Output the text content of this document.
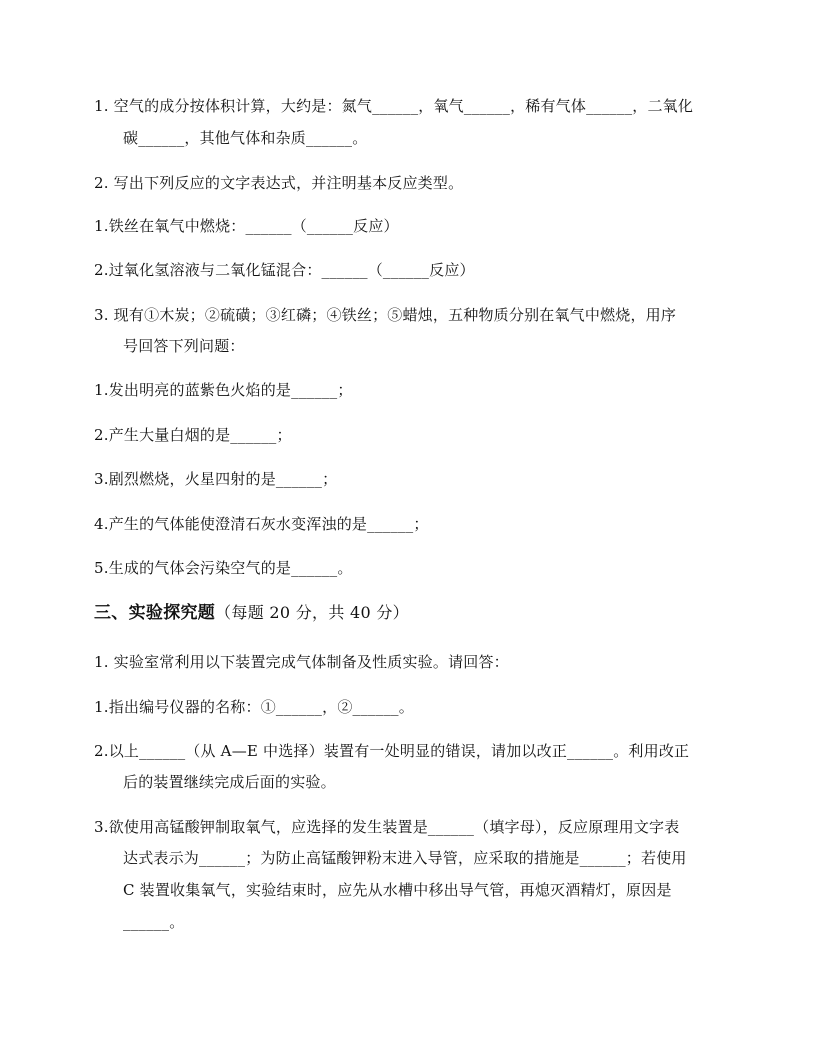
1. 空气的成分按体积计算，大约是：氮气______，氧气______，稀有气体______，二氧化
碳______，其他气体和杂质______。
2. 写出下列反应的文字表达式，并注明基本反应类型。
1.铁丝在氧气中燃烧：______（______反应）
2.过氧化氢溶液与二氧化锰混合：______（______反应）
3. 现有①木炭；②硫磺；③红磷；④铁丝；⑤蜡烛，五种物质分别在氧气中燃烧，用序
号回答下列问题：
1.发出明亮的蓝紫色火焰的是______；
2.产生大量白烟的是______；
3.剧烈燃烧，火星四射的是______；
4.产生的气体能使澄清石灰水变浑浊的是______；
5.生成的气体会污染空气的是______。
三、实验探究题（每题 20 分，共 40 分）
1. 实验室常利用以下装置完成气体制备及性质实验。请回答：
1.指出编号仪器的名称：①______，②______。
2.以上______（从 A—E 中选择）装置有一处明显的错误，请加以改正______。利用改正
后的装置继续完成后面的实验。
3.欲使用高锰酸钾制取氧气，应选择的发生装置是______（填字母），反应原理用文字表
达式表示为______；为防止高锰酸钾粉末进入导管，应采取的措施是______；若使用
C 装置收集氧气，实验结束时，应先从水槽中移出导气管，再熄灭酒精灯，原因是
______。
